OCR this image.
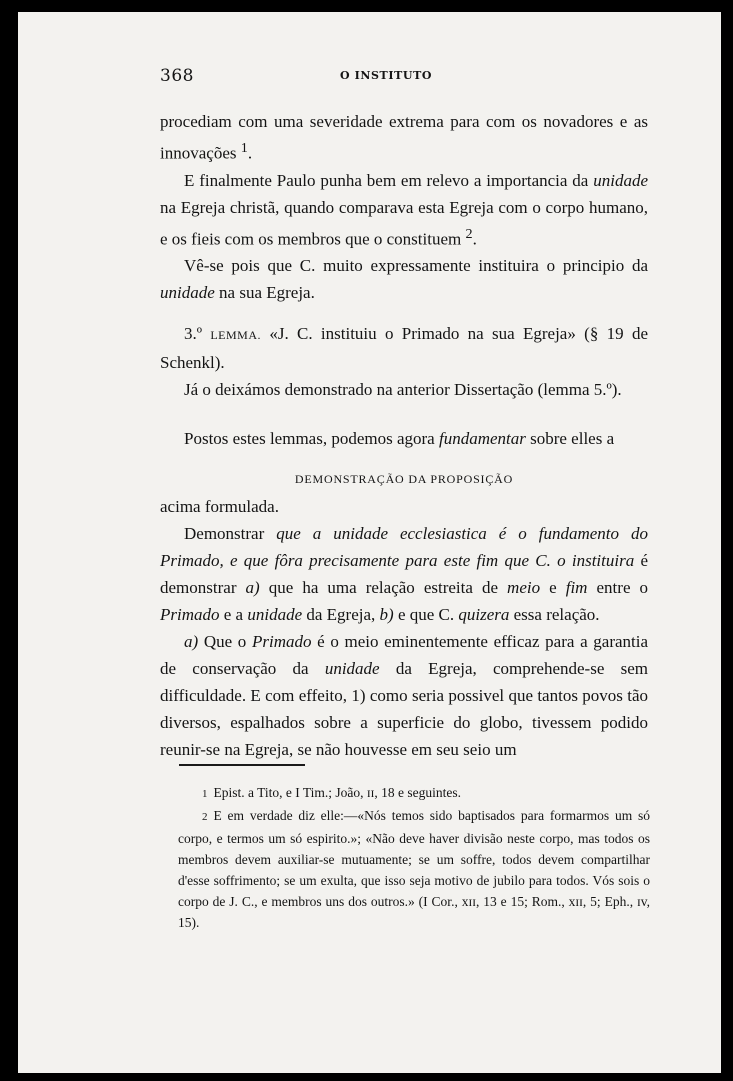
368	O INSTITUTO

procediam com uma severidade extrema para com os novadores e as innovações $^1$.

E finalmente Paulo punha bem em relevo a importancia da unidade na Egreja christã, quando comparava esta Egreja com o corpo humano, e os fieis com os membros que o constituem $^2$.

Vê-se pois que C. muito expressamente instituira o principio da unidade na sua Egreja.

3.º LEMMA. «J. C. instituiu o Primado na sua Egreja» (§ 19 de Schenkl).

Já o deixámos demonstrado na anterior Dissertação (lemma 5.º).

Postos estes lemmas, podemos agora fundamentar sobre elles a

DEMONSTRAÇÃO DA PROPOSIÇÃO

acima formulada.

Demonstrar que a unidade ecclesiastica é o fundamento do Primado, e que fôra precisamente para este fim que C. o instituira é demonstrar a) que ha uma relação estreita de meio e fim entre o Primado e a unidade da Egreja, b) e que C. quizera essa relação.

a) Que o Primado é o meio eminentemente efficaz para a garantia de conservação da unidade da Egreja, comprehende-se sem difficuldade. E com effeito, 1) como seria possivel que tantos povos tão diversos, espalhados sobre a superficie do globo, tivessem podido reunir-se na Egreja, se não houvesse em seu seio um

1 Epist. a Tito, e I Tim.; João, ɪɪ, 18 e seguintes.

2 E em verdade diz elle:—«Nós temos sido baptisados para formarmos um só corpo, e termos um só espirito.»; «Não deve haver divisão neste corpo, mas todos os membros devem auxiliar-se mutuamente; se um soffre, todos devem compartilhar d'esse soffrimento; se um exulta, que isso seja motivo de jubilo para todos. Vós sois o corpo de J. C., e membros uns dos outros.» (I Cor., xɪɪ, 13 e 15; Rom., xɪɪ, 5; Eph., ɪv, 15).
